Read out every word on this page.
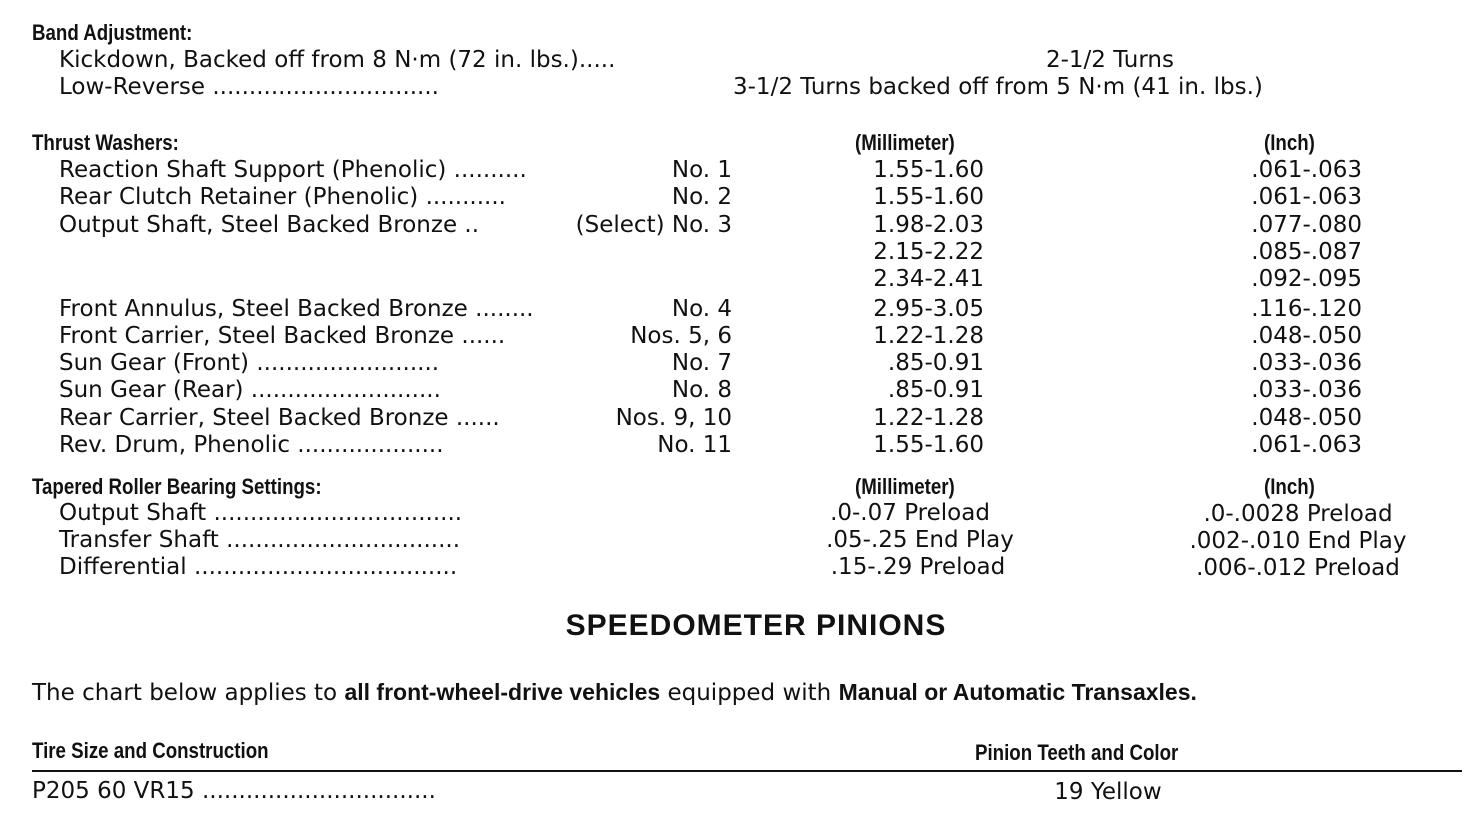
Band Adjustment:
Kickdown, Backed off from 8 N·m (72 in. lbs.).....	2-1/2 Turns
Low-Reverse ...............................	3-1/2 Turns backed off from 5 N·m (41 in. lbs.)
Thrust Washers:	(Millimeter)	(Inch)
Reaction Shaft Support (Phenolic) ..........	No. 1	1.55-1.60	.061-.063
Rear Clutch Retainer (Phenolic) ...........	No. 2	1.55-1.60	.061-.063
Output Shaft, Steel Backed Bronze ..	(Select) No. 3	1.98-2.03	.077-.080
2.15-2.22	.085-.087
2.34-2.41	.092-.095
Front Annulus, Steel Backed Bronze ........	No. 4	2.95-3.05	.116-.120
Front Carrier, Steel Backed Bronze ......	Nos. 5, 6	1.22-1.28	.048-.050
Sun Gear (Front) .........................	No. 7	.85-0.91	.033-.036
Sun Gear (Rear) ..........................	No. 8	.85-0.91	.033-.036
Rear Carrier, Steel Backed Bronze ......	Nos. 9, 10	1.22-1.28	.048-.050
Rev. Drum, Phenolic ....................	No. 11	1.55-1.60	.061-.063
Tapered Roller Bearing Settings:	(Millimeter)	(Inch)
Output Shaft ..................................	.0-.07 Preload	.0-.0028 Preload
Transfer Shaft ................................	.05-.25 End Play	.002-.010 End Play
Differential ....................................	.15-.29 Preload	.006-.012 Preload
SPEEDOMETER PINIONS
The chart below applies to all front-wheel-drive vehicles equipped with Manual or Automatic Transaxles.
Tire Size and Construction	Pinion Teeth and Color
P205 60 VR15 ................................	19 Yellow
